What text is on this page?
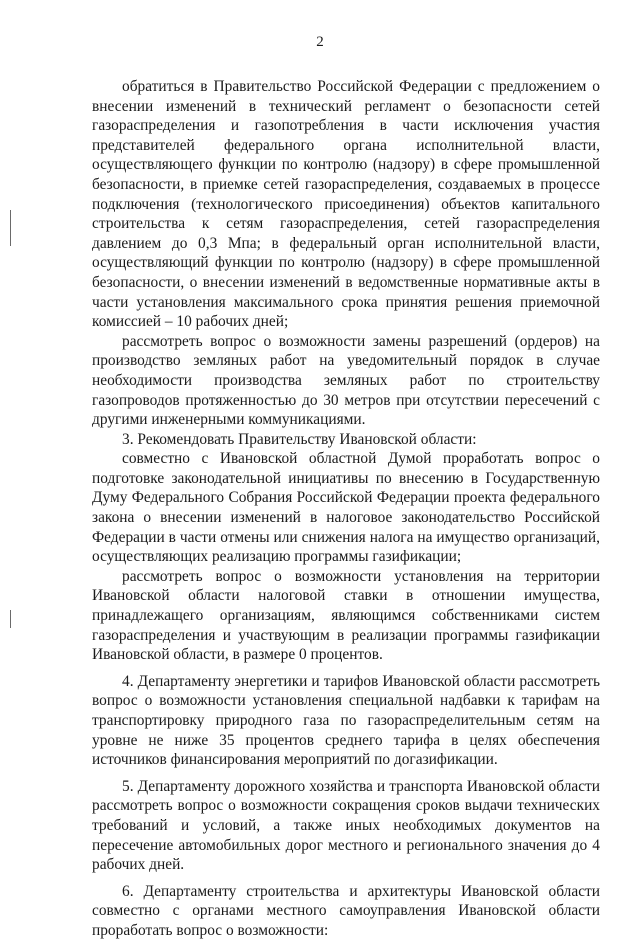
2

обратиться в Правительство Российской Федерации с предложением о внесении изменений в технический регламент о безопасности сетей газораспределения и газопотребления в части исключения участия представителей федерального органа исполнительной власти, осуществляющего функции по контролю (надзору) в сфере промышленной безопасности, в приемке сетей газораспределения, создаваемых в процессе подключения (технологического присоединения) объектов капитального строительства к сетям газораспределения, сетей газораспределения давлением до 0,3 Мпа; в федеральный орган исполнительной власти, осуществляющий функции по контролю (надзору) в сфере промышленной безопасности, о внесении изменений в ведомственные нормативные акты в части установления максимального срока принятия решения приемочной комиссией – 10 рабочих дней;

рассмотреть вопрос о возможности замены разрешений (ордеров) на производство земляных работ на уведомительный порядок в случае необходимости производства земляных работ по строительству газопроводов протяженностью до 30 метров при отсутствии пересечений с другими инженерными коммуникациями.

3. Рекомендовать Правительству Ивановской области:

совместно с Ивановской областной Думой проработать вопрос о подготовке законодательной инициативы по внесению в Государственную Думу Федерального Собрания Российской Федерации проекта федерального закона о внесении изменений в налоговое законодательство Российской Федерации в части отмены или снижения налога на имущество организаций, осуществляющих реализацию программы газификации;

рассмотреть вопрос о возможности установления на территории Ивановской области налоговой ставки в отношении имущества, принадлежащего организациям, являющимся собственниками систем газораспределения и участвующим в реализации программы газификации Ивановской области, в размере 0 процентов.

4. Департаменту энергетики и тарифов Ивановской области рассмотреть вопрос о возможности установления специальной надбавки к тарифам на транспортировку природного газа по газораспределительным сетям на уровне не ниже 35 процентов среднего тарифа в целях обеспечения источников финансирования мероприятий по догазификации.

5. Департаменту дорожного хозяйства и транспорта Ивановской области рассмотреть вопрос о возможности сокращения сроков выдачи технических требований и условий, а также иных необходимых документов на пересечение автомобильных дорог местного и регионального значения до 4 рабочих дней.

6. Департаменту строительства и архитектуры Ивановской области совместно с органами местного самоуправления Ивановской области проработать вопрос о возможности:
